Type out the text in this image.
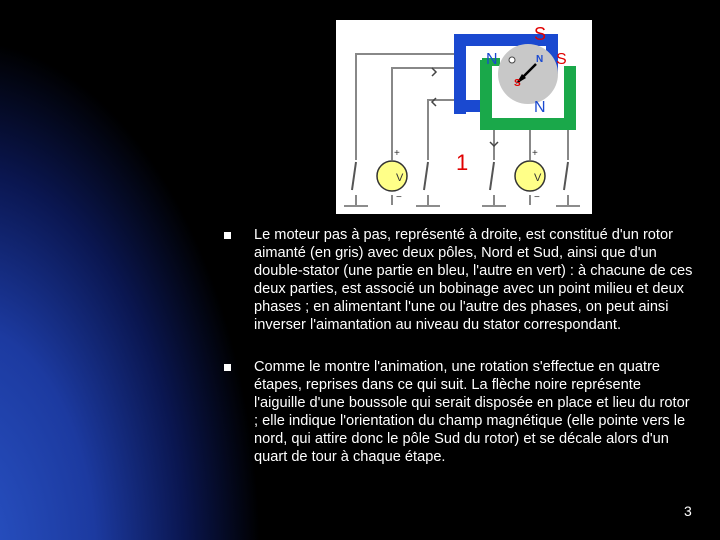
V	V
S
N	N
S
S
N
1
+
−
+
−
Le moteur pas à pas, représenté à droite, est constitué d'un rotor aimanté (en gris) avec deux pôles, Nord et Sud, ainsi que d'un double-stator (une partie en bleu, l'autre en vert) : à chacune de ces deux parties, est associé un bobinage avec un point milieu et deux phases ; en alimentant l'une ou l'autre des phases, on peut ainsi inverser l'aimantation au niveau du stator correspondant.
Comme le montre l'animation, une rotation s'effectue en quatre étapes, reprises dans ce qui suit. La flèche noire représente l'aiguille d'une boussole qui serait disposée en place et lieu du rotor ; elle indique l'orientation du champ magnétique (elle pointe vers le nord, qui attire donc le pôle Sud du rotor) et se décale alors d'un quart de tour à chaque étape.
3
